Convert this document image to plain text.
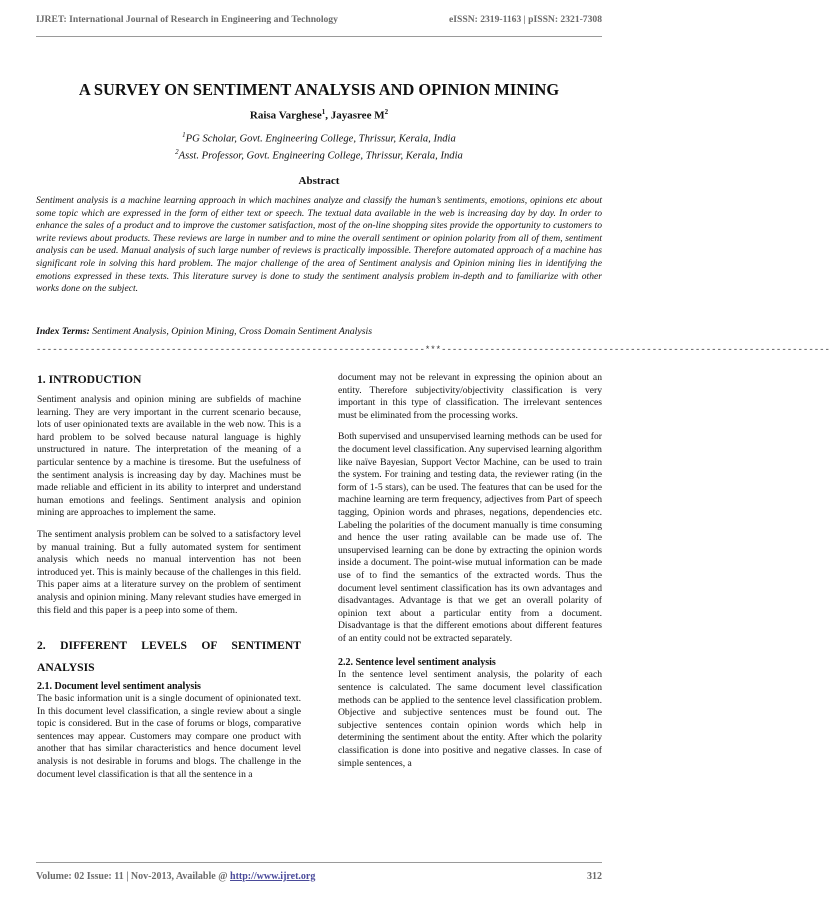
IJRET: International Journal of Research in Engineering and Technology	eISSN: 2319-1163 | pISSN: 2321-7308
A SURVEY ON SENTIMENT ANALYSIS AND OPINION MINING
Raisa Varghese$^1$, Jayasree $M^2$
$^1$PG Scholar, Govt. Engineering College, Thrissur, Kerala, India
$^2$Asst. Professor, Govt. Engineering College, Thrissur, Kerala, India
Abstract
Sentiment analysis is a machine learning approach in which machines analyze and classify the human’s sentiments, emotions, opinions etc about some topic which are expressed in the form of either text or speech. The textual data available in the web is increasing day by day. In order to enhance the sales of a product and to improve the customer satisfaction, most of the on-line shopping sites provide the opportunity to customers to write reviews about products. These reviews are large in number and to mine the overall sentiment or opinion polarity from all of them, sentiment analysis can be used. Manual analysis of such large number of reviews is practically impossible. Therefore automated approach of a machine has significant role in solving this hard problem. The major challenge of the area of Sentiment analysis and Opinion mining lies in identifying the emotions expressed in these texts. This literature survey is done to study the sentiment analysis problem in-depth and to familiarize with other works done on the subject.
Index Terms: Sentiment Analysis, Opinion Mining, Cross Domain Sentiment Analysis
------------------------------------------------------------------------***------------------------------------------------------------------------
1. INTRODUCTION

Sentiment analysis and opinion mining are subfields of machine learning. They are very important in the current scenario because, lots of user opinionated texts are available in the web now. This is a hard problem to be solved because natural language is highly unstructured in nature. The interpretation of the meaning of a particular sentence by a machine is tiresome. But the usefulness of the sentiment analysis is increasing day by day. Machines must be made reliable and efficient in its ability to interpret and understand human emotions and feelings. Sentiment analysis and opinion mining are approaches to implement the same.

The sentiment analysis problem can be solved to a satisfactory level by manual training. But a fully automated system for sentiment analysis which needs no manual intervention has not been introduced yet. This is mainly because of the challenges in this field. This paper aims at a literature survey on the problem of sentiment analysis and opinion mining. Many relevant studies have emerged in this field and this paper is a peep into some of them.

2. DIFFERENT LEVELS OF SENTIMENT ANALYSIS
2.1. Document level sentiment analysis

The basic information unit is a single document of opinionated text. In this document level classification, a single review about a single topic is considered. But in the case of forums or blogs, comparative sentences may appear. Customers may compare one product with another that has similar characteristics and hence document level analysis is not desirable in forums and blogs. The challenge in the document level classification is that all the sentence in a

document may not be relevant in expressing the opinion about an entity. Therefore subjectivity/objectivity classification is very important in this type of classification. The irrelevant sentences must be eliminated from the processing works.

Both supervised and unsupervised learning methods can be used for the document level classification. Any supervised learning algorithm like naïve Bayesian, Support Vector Machine, can be used to train the system. For training and testing data, the reviewer rating (in the form of 1-5 stars), can be used. The features that can be used for the machine learning are term frequency, adjectives from Part of speech tagging, Opinion words and phrases, negations, dependencies etc. Labeling the polarities of the document manually is time consuming and hence the user rating available can be made use of. The unsupervised learning can be done by extracting the opinion words inside a document. The point-wise mutual information can be made use of to find the semantics of the extracted words. Thus the document level sentiment classification has its own advantages and disadvantages. Advantage is that we get an overall polarity of opinion text about a particular entity from a document. Disadvantage is that the different emotions about different features of an entity could not be extracted separately.

2.2. Sentence level sentiment analysis

In the sentence level sentiment analysis, the polarity of each sentence is calculated. The same document level classification methods can be applied to the sentence level classification problem. Objective and subjective sentences must be found out. The subjective sentences contain opinion words which help in determining the sentiment about the entity. After which the polarity classification is done into positive and negative classes. In case of simple sentences, a

Volume: 02 Issue: 11 | Nov-2013, Available @ http://www.ijret.org	312
